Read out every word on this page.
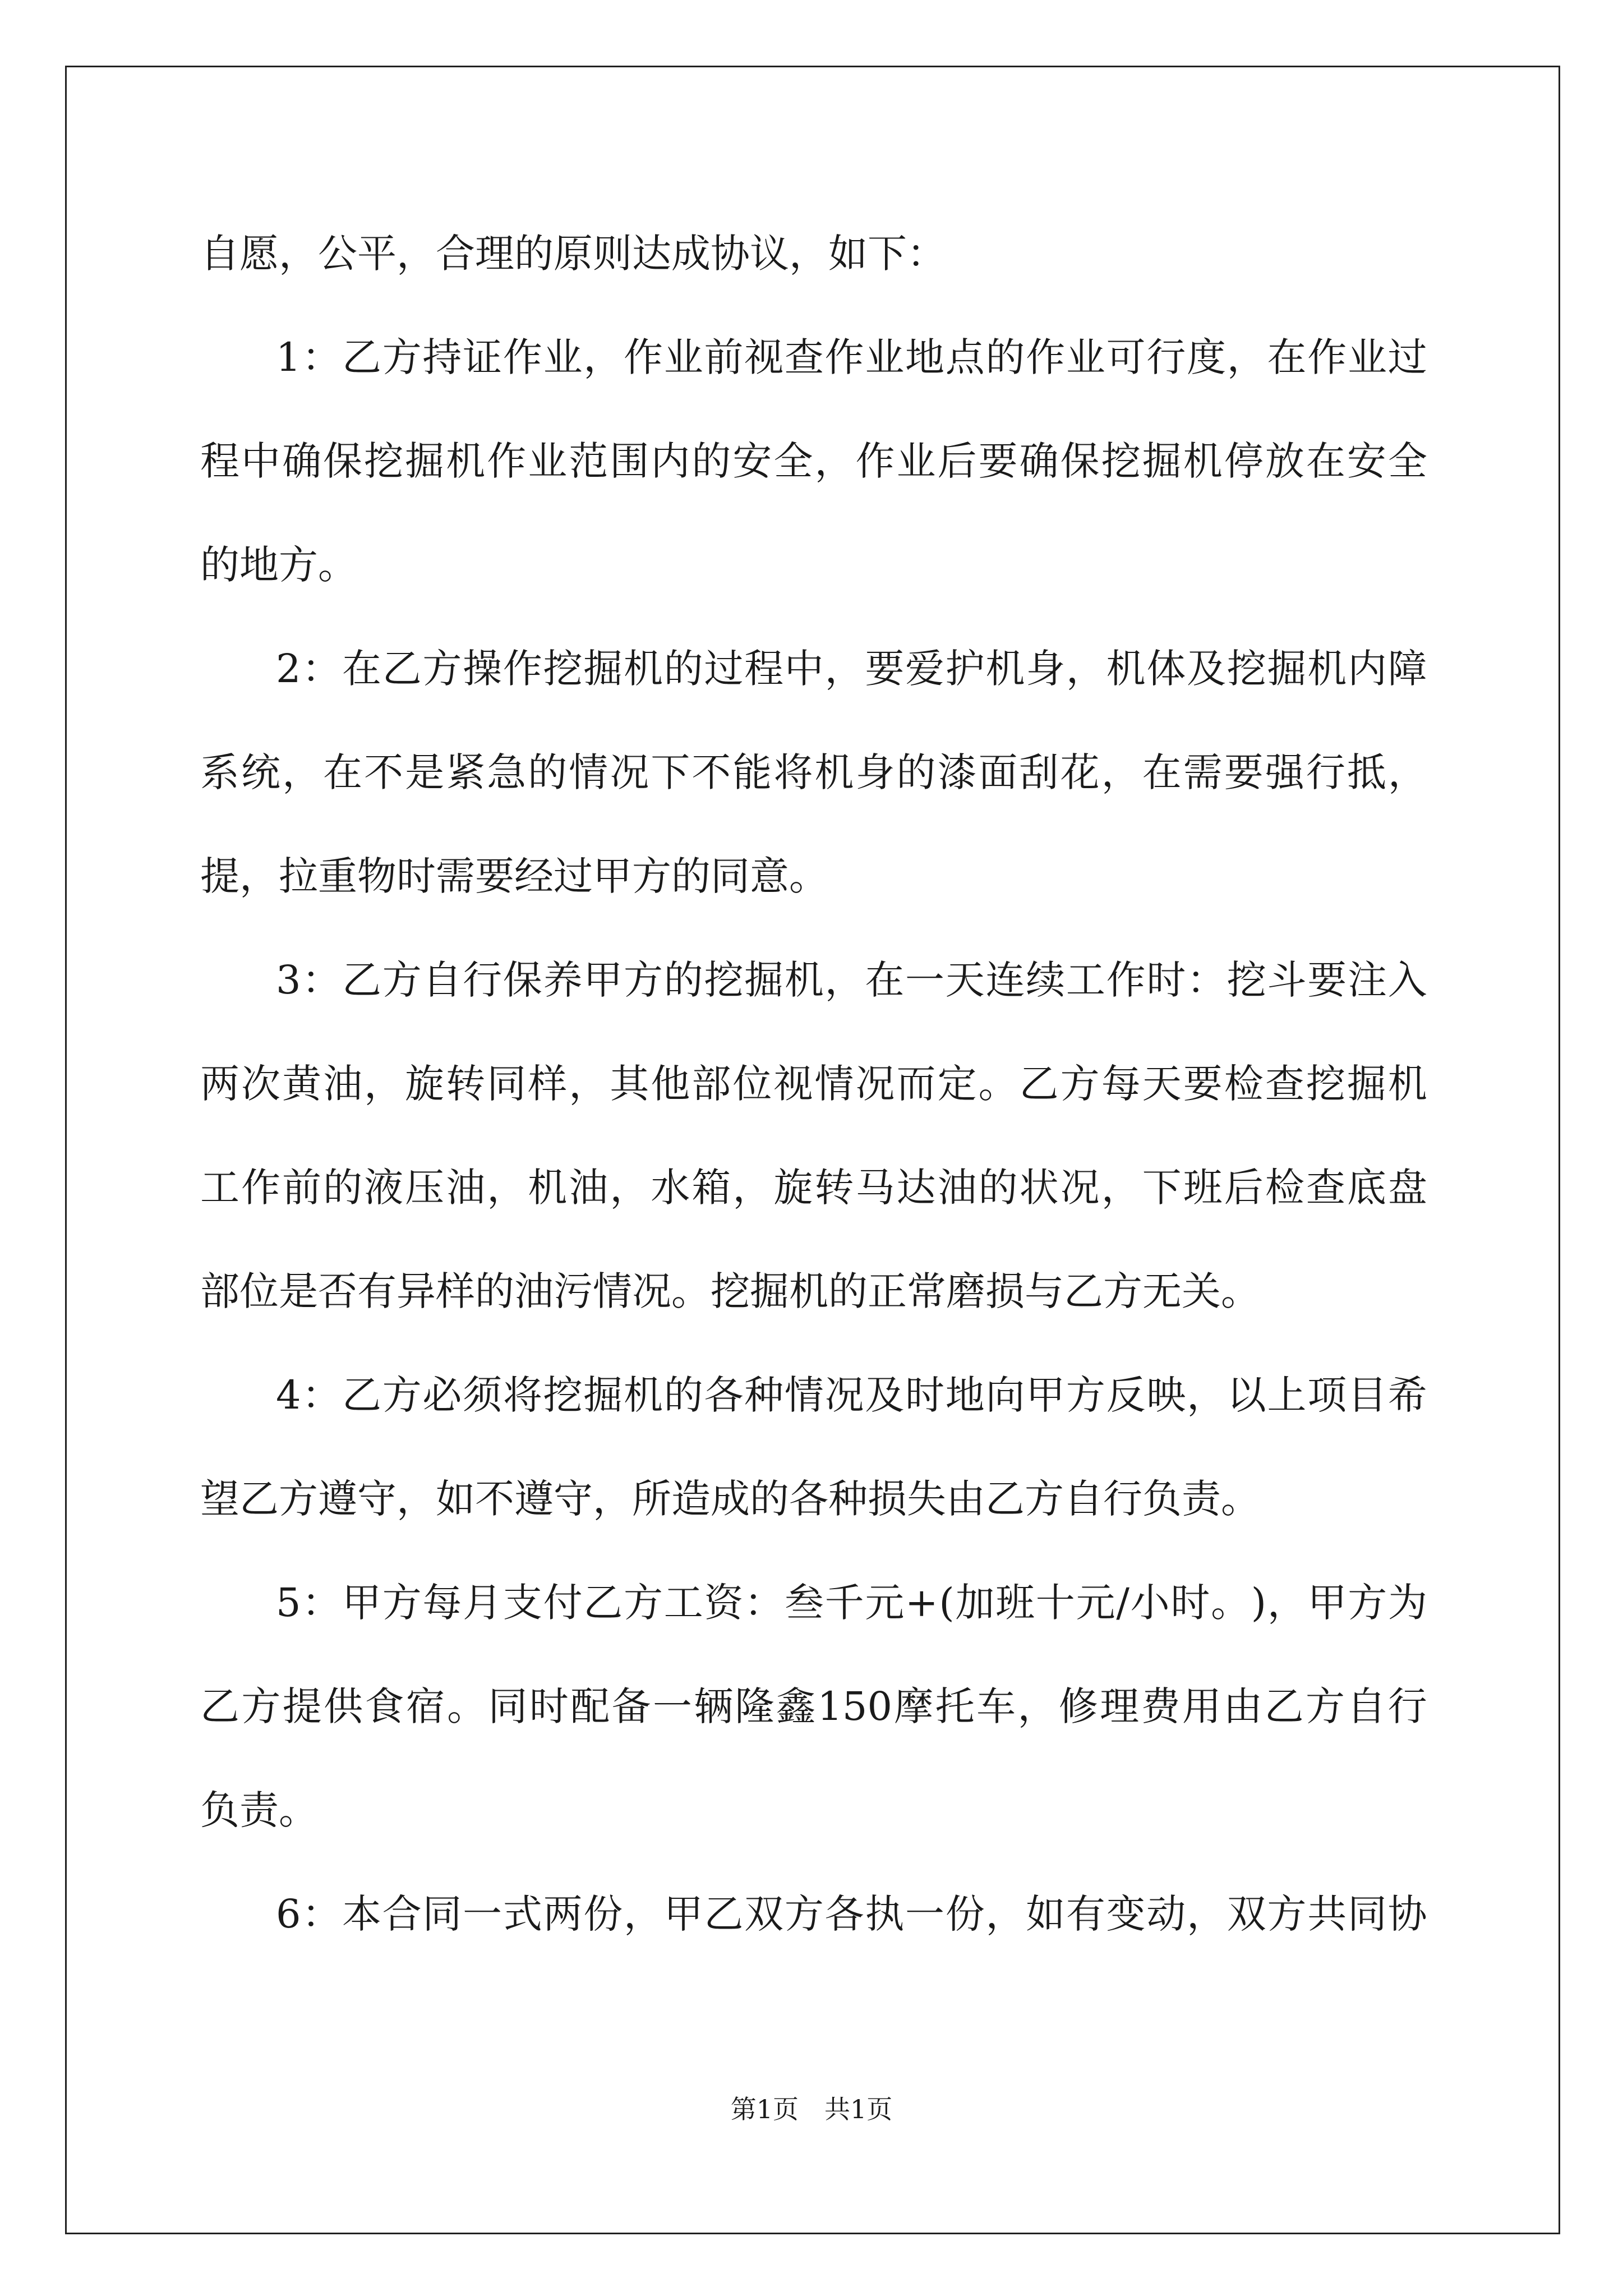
自 愿 ， 公 平 ， 合 理 的 原 则 达 成 协 议 ， 如 下 ：
1 ： 乙 方 持 证 作 业 ， 作 业 前 视 查 作 业 地 点 的 作 业 可 行 度 ， 在 作 业 过
程 中 确 保 挖 掘 机 作 业 范 围 内 的 安 全 ， 作 业 后 要 确 保 挖 掘 机 停 放 在 安 全
的 地 方 。
2 ： 在 乙 方 操 作 挖 掘 机 的 过 程 中 ， 要 爱 护 机 身 ， 机 体 及 挖 掘 机 内 障
系 统 ， 在 不 是 紧 急 的 情 况 下 不 能 将 机 身 的 漆 面 刮 花 ， 在 需 要 强 行 抵 ，
提 ， 拉 重 物 时 需 要 经 过 甲 方 的 同 意 。
3 ： 乙 方 自 行 保 养 甲 方 的 挖 掘 机 ， 在 一 天 连 续 工 作 时 ： 挖 斗 要 注 入
两 次 黄 油 ， 旋 转 同 样 ， 其 他 部 位 视 情 况 而 定 。 乙 方 每 天 要 检 查 挖 掘 机
工 作 前 的 液 压 油 ， 机 油 ， 水 箱 ， 旋 转 马 达 油 的 状 况 ， 下 班 后 检 查 底 盘
部 位 是 否 有 异 样 的 油 污 情 况 。 挖 掘 机 的 正 常 磨 损 与 乙 方 无 关 。
4 ： 乙 方 必 须 将 挖 掘 机 的 各 种 情 况 及 时 地 向 甲 方 反 映 ， 以 上 项 目 希
望 乙 方 遵 守 ， 如 不 遵 守 ， 所 造 成 的 各 种 损 失 由 乙 方 自 行 负 责 。
5 ： 甲 方 每 月 支 付 乙 方 工 资 ： 叁 千 元 + ( 加 班 十 元 / 小 时 。 ) ， 甲 方 为
乙 方 提 供 食 宿 。 同 时 配 备 一 辆 隆 鑫 150 摩 托 车 ， 修 理 费 用 由 乙 方 自 行
负 责 。
6 ： 本 合 同 一 式 两 份 ， 甲 乙 双 方 各 执 一 份 ， 如 有 变 动 ， 双 方 共 同 协
第1页　共1页
